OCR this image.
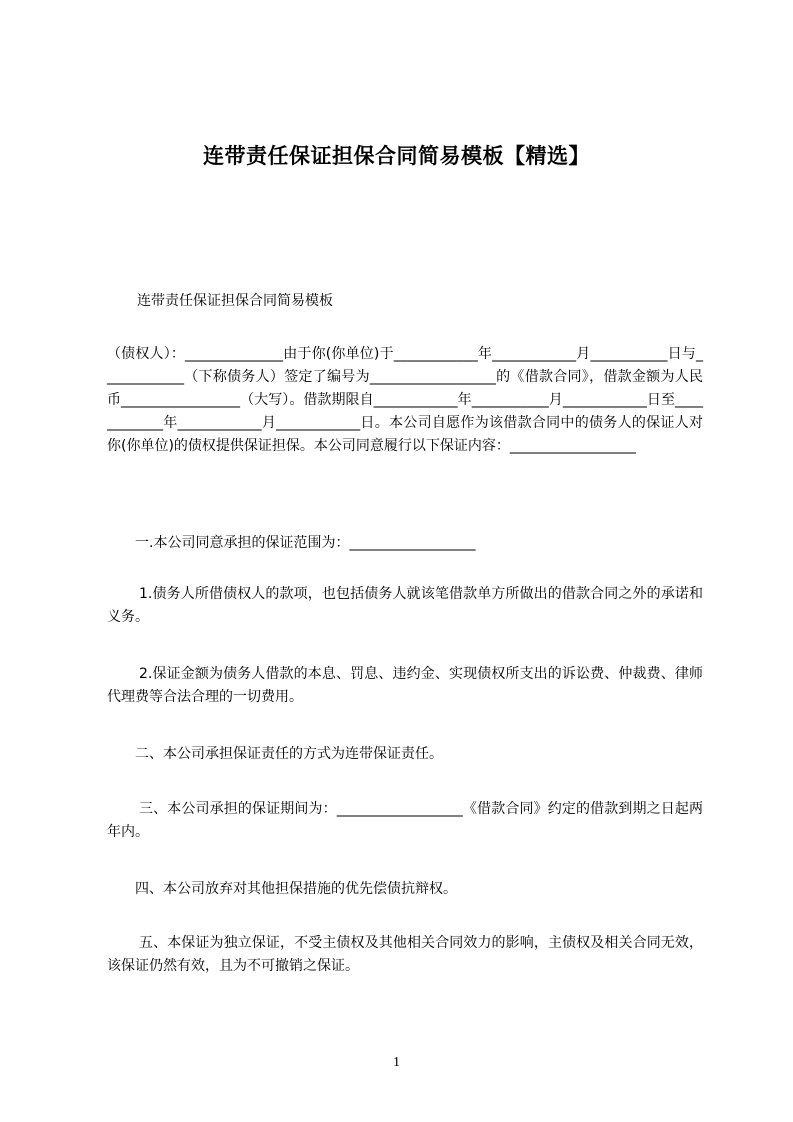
连带责任保证担保合同简易模板【精选】

连带责任保证担保合同简易模板

（债权人）：______________由于你(你单位)于____________年____________月___________日与____________（下称债务人）签定了编号为__________________的《借款合同》，借款金额为人民币_________________（大写）。借款期限自____________年___________月____________日至____________年____________月____________日。本公司自愿作为该借款合同中的债务人的保证人对你(你单位)的债权提供保证担保。本公司同意履行以下保证内容：__________________

一.本公司同意承担的保证范围为：__________________

1.债务人所借债权人的款项，也包括债务人就该笔借款单方所做出的借款合同之外的承诺和义务。

2.保证金额为债务人借款的本息、罚息、违约金、实现债权所支出的诉讼费、仲裁费、律师代理费等合法合理的一切费用。

二、本公司承担保证责任的方式为连带保证责任。

三、本公司承担的保证期间为：__________________《借款合同》约定的借款到期之日起两年内。

四、本公司放弃对其他担保措施的优先偿债抗辩权。

五、本保证为独立保证，不受主债权及其他相关合同效力的影响，主债权及相关合同无效，该保证仍然有效，且为不可撤销之保证。

1
